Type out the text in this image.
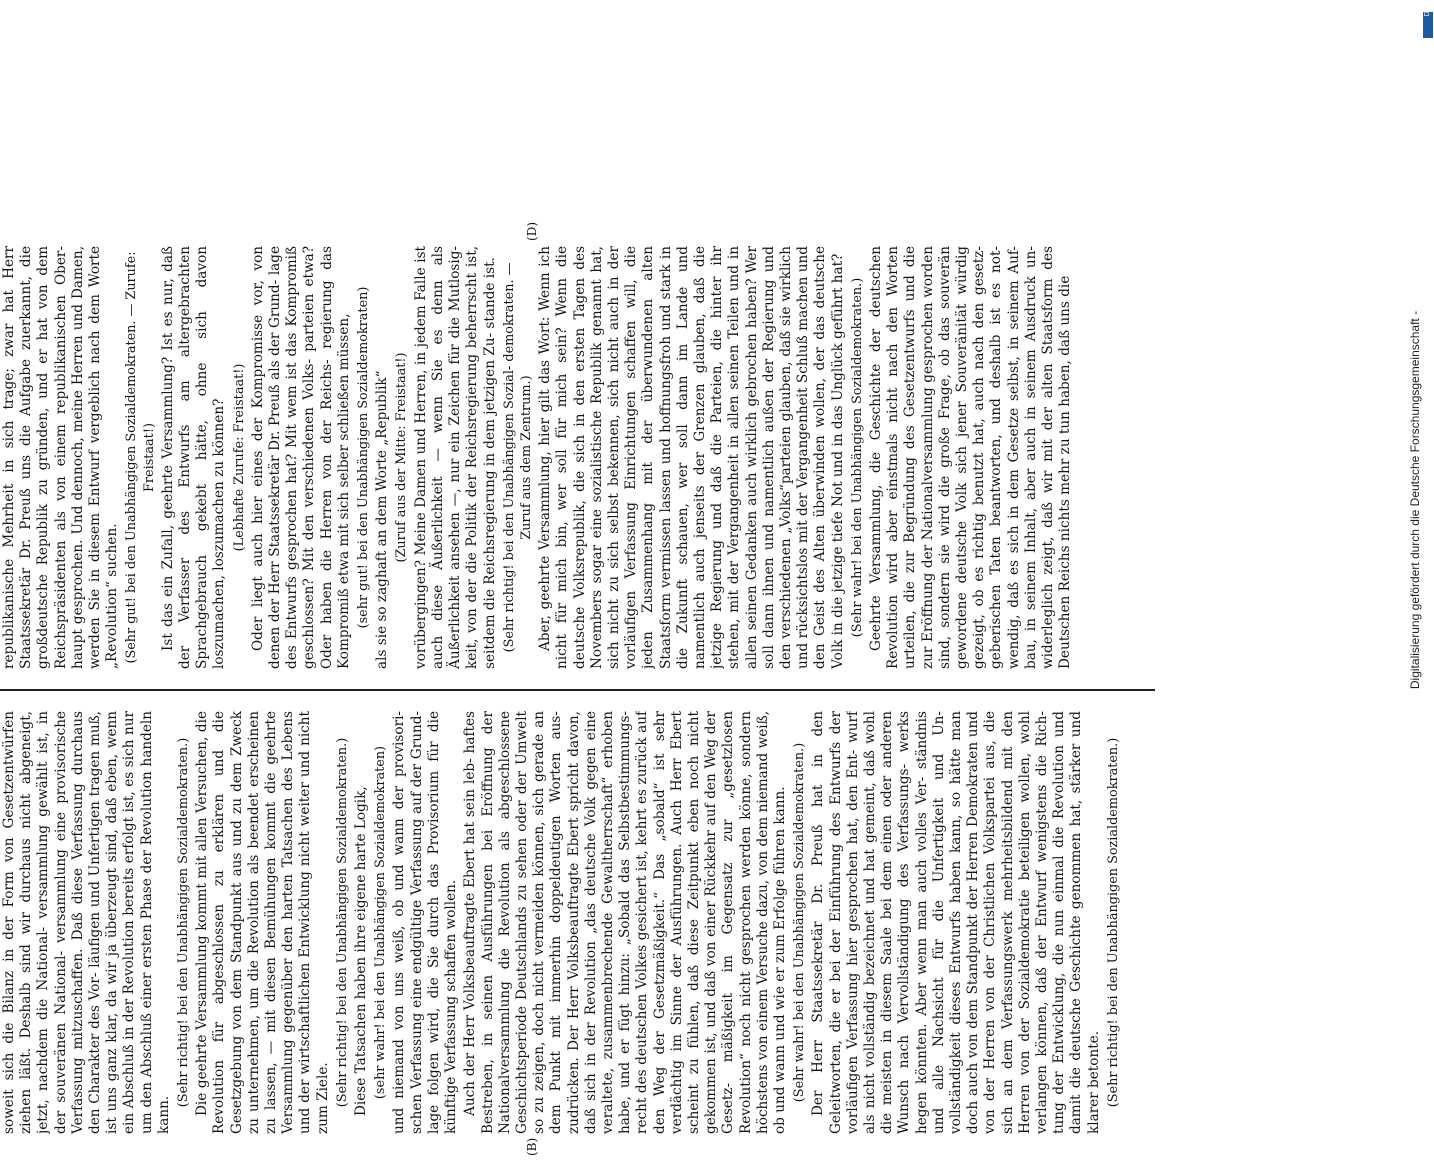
(B)
(D)

soweit sich die Bilanz in der Form von Gesetzentwürfen ziehen läßt. Deshalb sind wir durchaus nicht abgeneigt, jetzt, nachdem die National- versammlung gewählt ist, in der souveränen National- versammlung eine provisorische Verfassung mitzuschaffen. Daß diese Verfassung durchaus den Charakter des Vor- läufigen und Unfertigen tragen muß, ist uns ganz klar, da wir ja überzeugt sind, daß eben, wenn ein Abschluß in der Revolution bereits erfolgt ist, es sich nur um den Abschluß einer ersten Phase der Revolution handeln kann.

(Sehr richtig! bei den Unabhängigen Sozialdemokraten.) Die geehrte Versammlung kommt mit allen Versuchen, die Revolution für abgeschlossen zu erklären und die Gesetzgebung von dem Standpunkt aus und zu dem Zweck zu unternehmen, um die Revolution als beendet erscheinen zu lassen, — mit diesen Bemühungen kommt die geehrte Versammlung gegenüber den harten Tatsachen des Lebens und der wirtschaftlichen Entwicklung nicht weiter und nicht zum Ziele. (Sehr richtig! bei den Unabhängigen Sozialdemokraten.) Diese Tatsachen haben ihre eigene harte Logik, (sehr wahr! bei den Unabhängigen Sozialdemokraten) und niemand von uns weiß, ob und wann der provisori- schen Verfassung eine endgültige Verfassung auf der Grund- lage folgen wird, die Sie durch das Provisorium für die künftige Verfassung schaffen wollen. Auch der Herr Volksbeauftragte Ebert hat sein leb- haftes Bestreben, in seinen Ausführungen bei Eröffnung der Nationalversammlung die Revolution als abgeschlossene Geschichtsperiode Deutschlands zu sehen oder der Umwelt so zu zeigen, doch nicht vermeiden können, sich gerade an dem Punkt mit immerhin doppeldeutigen Worten aus- zudrücken. Der Herr Volksbeauftragte Ebert spricht davon, daß sich in der Revolution „das deutsche Volk gegen eine veraltete, zusammenbrechende Gewaltherrschaft“ erhoben habe, und er fügt hinzu: „Sobald das Selbstbestimmungs- recht des deutschen Volkes gesichert ist, kehrt es zurück auf den Weg der Gesetzmäßigkeit.“ Das „sobald“ ist sehr verdächtig im Sinne der Ausführungen. Auch Herr Ebert scheint zu fühlen, daß diese Zeitpunkt eben noch nicht gekommen ist, und daß von einer Rückkehr auf den Weg der Gesetz- mäßigkeit im Gegensatz zur „gesetzlosen Revolution“ noch nicht gesprochen werden könne, sondern höchstens von einem Versuche dazu, von dem niemand weiß, ob und wann und wie er zum Erfolge führen kann. (Sehr wahr! bei den Unabhängigen Sozialdemokraten.) Der Herr Staatssekretär Dr. Preuß hat in den Geleitworten, die er bei der Einführung des Entwurfs der vorläufigen Verfassung hier gesprochen hat, den Ent- wurf als nicht vollständig bezeichnet und hat gemeint, daß wohl die meisten in diesem Saale bei dem einen oder anderen Wunsch nach Vervollständigung des Verfassungs- werks hegen könnten. Aber wenn man auch volles Ver- ständnis und alle Nachsicht für die Unfertigkeit und Un- vollständigkeit dieses Entwurfs haben kann, so hätte man doch auch von dem Standpunkt der Herren Demokraten und von der Herren von der Christlichen Volkspartei aus, die sich an dem Verfassungswerk mehrheitsbildend mit den Herren von der Sozialdemokratie beteiligen wollen, wohl verlangen können, daß der Entwurf wenigstens die Rich- tung der Entwicklung, die nun einmal die Revolution und damit die deutsche Geschichte genommen hat, stärker und klarer betonte. (Sehr richtig! bei den Unabhängigen Sozialdemokraten.)

republikanische Mehrheit in sich trage; zwar hat Herr Staatssekretär Dr. Preuß uns die Aufgabe zuerkannt, die großdeutsche Republik zu gründen, und er hat von dem Reichspräsidenten als von einem republikanischen Ober- haupt gesprochen. Und dennoch, meine Herren und Damen, werden Sie in diesem Entwurf vergeblich nach dem Worte „Revolution“ suchen. (Sehr gut! bei den Unabhängigen Sozialdemokraten. — Zurufe: Freistaat!) Ist das ein Zufall, geehrte Versammlung? Ist es nur, daß der Verfasser des Entwurfs am altergebrachten Sprachgebrauch gekebt hätte, ohne sich davon loszumachen, loszumachen zu können? (Lebhafte Zurufe: Freistaat!) Oder liegt auch hier eines der Kompromisse vor, von denen der Herr Staatssekretär Dr. Preuß als der Grund- lage des Entwurfs gesprochen hat? Mit wem ist das Kompromiß geschlossen? Mit den verschiedenen Volks- parteien etwa? Oder haben die Herren von der Reichs- regierung das Kompromiß etwa mit sich selber schließen müssen, (sehr gut! bei den Unabhängigen Sozialdemokraten) als sie so zaghaft an dem Worte „Republik“ (Zuruf aus der Mitte: Freistaat!) vorübergingen? Meine Damen und Herren, in jedem Falle ist auch diese Äußerlichkeit — wenn Sie es denn als Äußerlichkeit ansehen —, nur ein Zeichen für die Mutlosig- keit, von der die Politik der Reichsregierung beherrscht ist, seitdem die Reichsregierung in dem jetzigen Zu- stande ist. (Sehr richtig! bei den Unabhängigen Sozial- demokraten. — Zuruf aus dem Zentrum.) Aber, geehrte Versammlung, hier gilt das Wort: Wenn ich nicht für mich bin, wer soll für mich sein? Wenn die deutsche Volksrepublik, die sich in den ersten Tagen des Novembers sogar eine sozialistische Republik genannt hat, sich nicht zu sich selbst bekennen, sich nicht auch in der vorläufigen Verfassung Einrichtungen schaffen will, die jeden Zusammenhang mit der überwundenen alten Staatsform vermissen lassen und hoffnungsfroh und stark in die Zukunft schauen, wer soll dann im Lande und namentlich auch jenseits der Grenzen glauben, daß die jetzige Regierung und daß die Parteien, die hinter ihr stehen, mit der Vergangenheit in allen seinen Teilen und in allen seinen Gedanken auch wirklich gebrochen haben? Wer soll dann ihnen und namentlich außen der Regierung und den verschiedenen „Volks“parteien glauben, daß sie wirklich und rücksichtslos mit der Vergangenheit Schluß machen und den Geist des Alten überwinden wollen, der das deutsche Volk in die jetzige tiefe Not und in das Unglück geführt hat? (Sehr wahr! bei den Unabhängigen Sozialdemokraten.) Geehrte Versammlung, die Geschichte der deutschen Revolution wird aber einstmals nicht nach den Worten urteilen, die zur Begründung des Gesetzentwurfs und die zur Eröffnung der Nationalversammlung gesprochen worden sind, sondern sie wird die große Frage, ob das souverän gewordene deutsche Volk sich jener Souveränität würdig gezeigt, ob es richtig benutzt hat, auch nach den gesetz- geberischen Taten beantworten, und deshalb ist es not- wendig, daß es sich in dem Gesetze selbst, in seinem Auf- bau, in seinem Inhalt, aber auch in seinem Ausdruck un- widerleglich zeigt, daß wir mit der alten Staatsform des Deutschen Reichs nichts mehr zu tun haben, daß uns die	Digitalisierung gefördert durch die Deutsche Forschungsgemeinschaft -
DFG
